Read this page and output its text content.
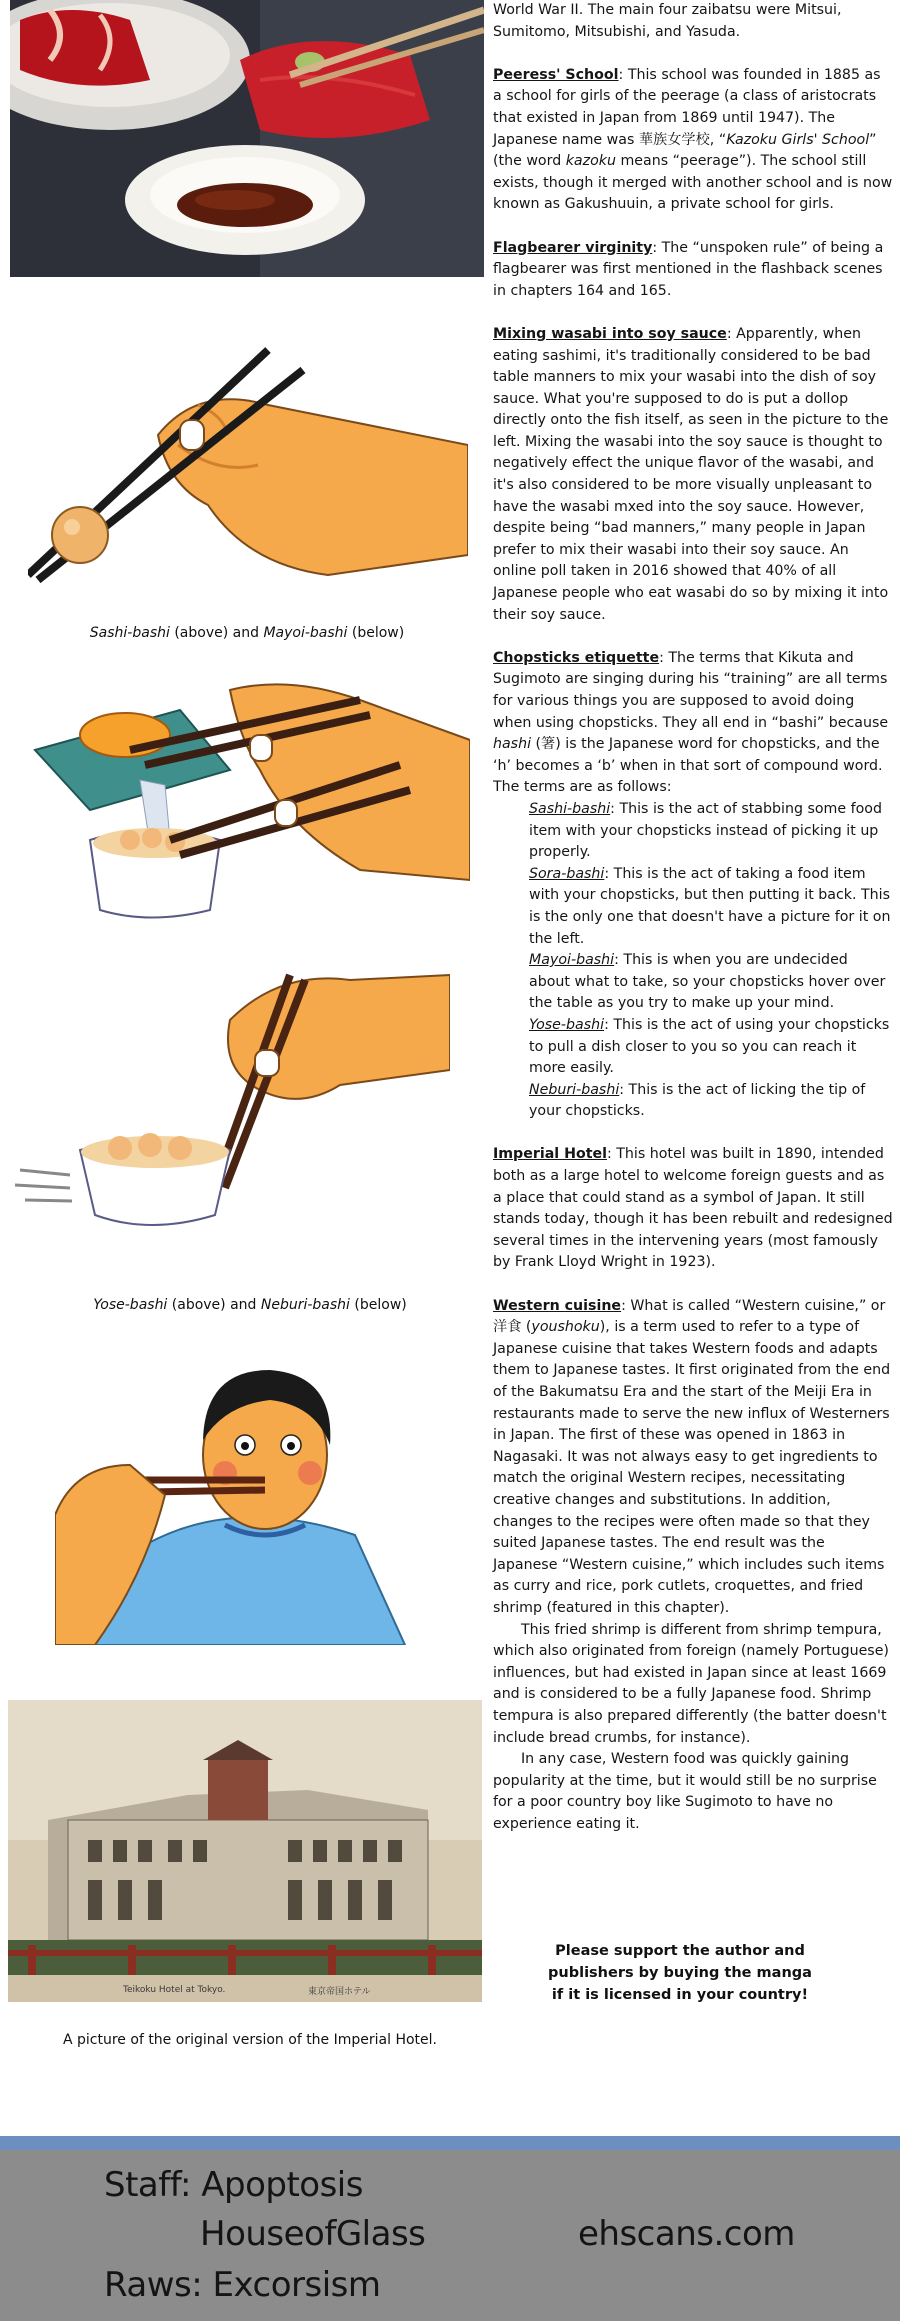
Sashi-bashi (above) and Mayoi-bashi (below)
Yose-bashi (above) and Neburi-bashi (below)
Teikoku Hotel at Tokyo.	東京帝国ホテル
A picture of the original version of the Imperial Hotel.

World War II. The main four zaibatsu were Mitsui, Sumitomo, Mitsubishi, and Yasuda.

Peeress' School: This school was founded in 1885 as a school for girls of the peerage (a class of aristocrats that existed in Japan from 1869 until 1947). The Japanese name was 華族女学校, “Kazoku Girls' School” (the word kazoku means “peerage”). The school still exists, though it merged with another school and is now known as Gakushuuin, a private school for girls.

Flagbearer virginity: The “unspoken rule” of being a flagbearer was first mentioned in the flashback scenes in chapters 164 and 165.

Mixing wasabi into soy sauce: Apparently, when eating sashimi, it's traditionally considered to be bad table manners to mix your wasabi into the dish of soy sauce. What you're supposed to do is put a dollop directly onto the fish itself, as seen in the picture to the left. Mixing the wasabi into the soy sauce is thought to negatively effect the unique flavor of the wasabi, and it's also considered to be more visually unpleasant to have the wasabi mxed into the soy sauce. However, despite being “bad manners,” many people in Japan prefer to mix their wasabi into their soy sauce. An online poll taken in 2016 showed that 40% of all Japanese people who eat wasabi do so by mixing it into their soy sauce.

Chopsticks etiquette: The terms that Kikuta and Sugimoto are singing during his “training” are all terms for various things you are supposed to avoid doing when using chopsticks. They all end in “bashi” because hashi (箸) is the Japanese word for chopsticks, and the ‘h’ becomes a ‘b’ when in that sort of compound word. The terms are as follows:

Sashi-bashi: This is the act of stabbing some food item with your chopsticks instead of picking it up properly.

Sora-bashi: This is the act of taking a food item with your chopsticks, but then putting it back. This is the only one that doesn't have a picture for it on the left.

Mayoi-bashi: This is when you are undecided about what to take, so your chopsticks hover over the table as you try to make up your mind.

Yose-bashi: This is the act of using your chopsticks to pull a dish closer to you so you can reach it more easily.

Neburi-bashi: This is the act of licking the tip of your chopsticks.

Imperial Hotel: This hotel was built in 1890, intended both as a large hotel to welcome foreign guests and as a place that could stand as a symbol of Japan. It still stands today, though it has been rebuilt and redesigned several times in the intervening years (most famously by Frank Lloyd Wright in 1923).

Western cuisine: What is called “Western cuisine,” or 洋食 (youshoku), is a term used to refer to a type of Japanese cuisine that takes Western foods and adapts them to Japanese tastes. It first originated from the end of the Bakumatsu Era and the start of the Meiji Era in restaurants made to serve the new influx of Westerners in Japan. The first of these was opened in 1863 in Nagasaki. It was not always easy to get ingredients to match the original Western recipes, necessitating creative changes and substitutions. In addition, changes to the recipes were often made so that they suited Japanese tastes. The end result was the Japanese “Western cuisine,” which includes such items as curry and rice, pork cutlets, croquettes, and fried shrimp (featured in this chapter).

This fried shrimp is different from shrimp tempura, which also originated from foreign (namely Portuguese) influences, but had existed in Japan since at least 1669 and is considered to be a fully Japanese food. Shrimp tempura is also prepared differently (the batter doesn't include bread crumbs, for instance).

In any case, Western food was quickly gaining popularity at the time, but it would still be no surprise for a poor country boy like Sugimoto to have no experience eating it.

Please support the author and publishers by buying the manga if it is licensed in your country!
Staff: Apoptosis
HouseofGlass
Raws: Excorsism
ehscans.com
